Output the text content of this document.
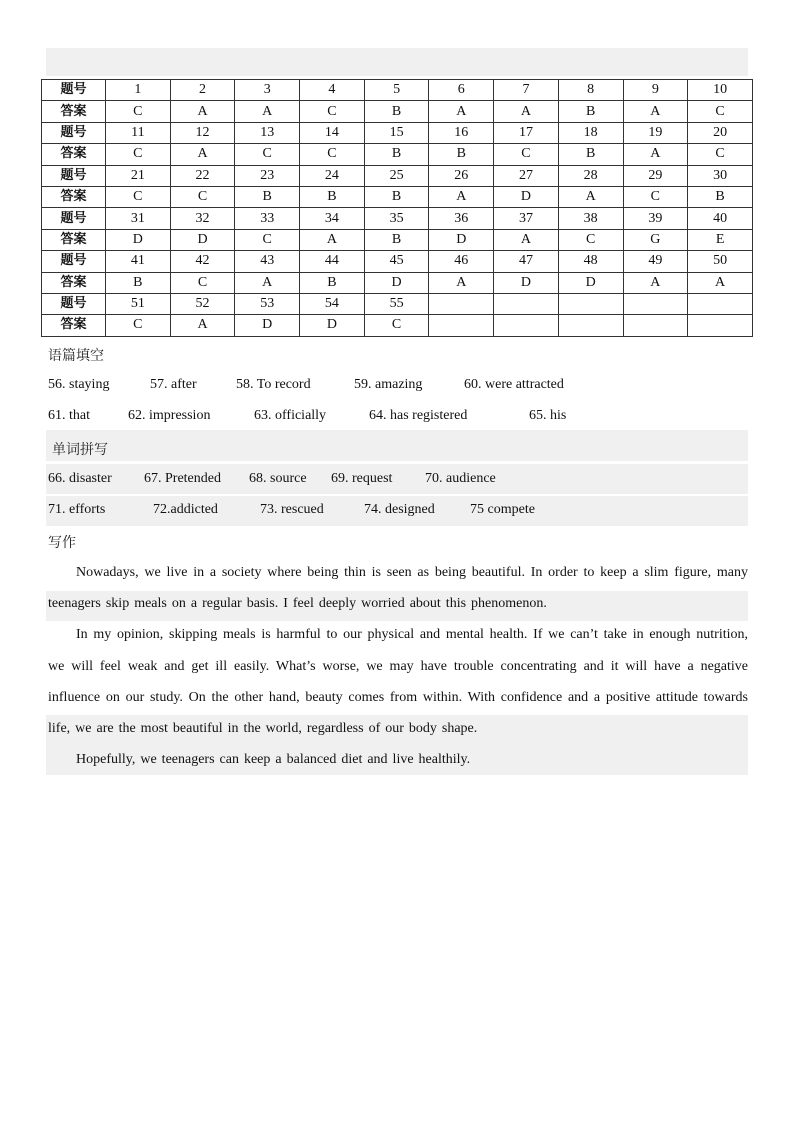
题号	1	2	3	4	5	6	7	8	9	10
答案	C	A	A	C	B	A	A	B	A	C
题号	11	12	13	14	15	16	17	18	19	20
答案	C	A	C	C	B	B	C	B	A	C
题号	21	22	23	24	25	26	27	28	29	30
答案	C	C	B	B	B	A	D	A	C	B
题号	31	32	33	34	35	36	37	38	39	40
答案	D	D	C	A	B	D	A	C	G	E
题号	41	42	43	44	45	46	47	48	49	50
答案	B	C	A	B	D	A	D	D	A	A
题号	51	52	53	54	55					
答案	C	A	D	D	C					
语篇填空
56. staying	57. after	58. To record	59. amazing	60. were attracted
61. that	62. impression	63. officially	64. has registered	65. his
单词拼写
66. disaster 67. Pretended 68. source 69. request 70. audience
71. efforts	72.addicted	73. rescued	74. designed	75 compete
写作

Nowadays, we live in a society where being thin is seen as being beautiful. In order to keep a slim figure, many teenagers skip meals on a regular basis. I feel deeply worried about this phenomenon.

In my opinion, skipping meals is harmful to our physical and mental health. If we can’t take in enough nutrition, we will feel weak and get ill easily. What’s worse, we may have trouble concentrating and it will have a negative influence on our study. On the other hand, beauty comes from within. With confidence and a positive attitude towards life, we are the most beautiful in the world, regardless of our body shape.

Hopefully, we teenagers can keep a balanced diet and live healthily.
